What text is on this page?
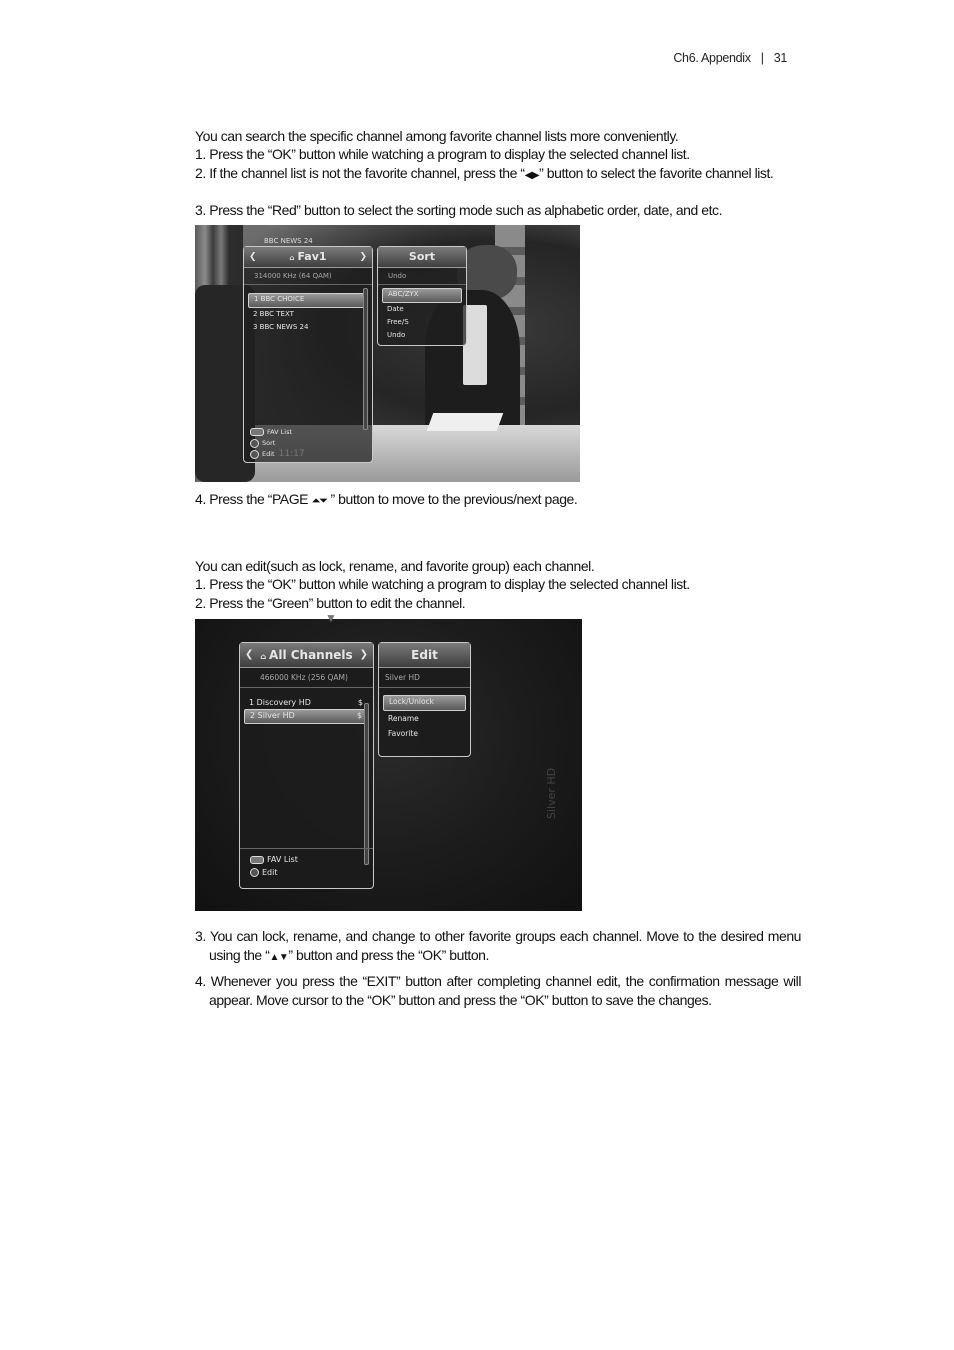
Ch6. Appendix | 31

You can search the specific channel among favorite channel lists more conveniently.

1. Press the “OK” button while watching a program to display the selected channel list.

2. If the channel list is not the favorite channel, press the “◀▶” button to select the favorite channel list.

3. Press the “Red” button to select the sorting mode such as alphabetic order, date, and etc.

BBC NEWS 24
❮	⌂ Fav1	❯
314000 KHz (64 QAM)
1 BBC CHOICE
2 BBC TEXT
3 BBC NEWS 24
FAV List
Sort
Edit 11:17
Sort
Undo
ABC/ZYX
Date
Free/S
Undo

4. Press the “PAGE ⏶⏷ ” button to move to the previous/next page.

You can edit(such as lock, rename, and favorite group) each channel.

1. Press the “OK” button while watching a program to display the selected channel list.

2. Press the “Green” button to edit the channel.

▼
Silver HD
❮ ⌂ All Channels ❯
466000 KHz (256 QAM)
1 Discovery HD	$
2 Silver HD	$
FAV List
Edit
Edit
Silver HD
Lock/Unlock
Rename
Favorite

3. You can lock, rename, and change to other favorite groups each channel. Move to the desired menu using the “▲▼” button and press the “OK” button.

4. Whenever you press the “EXIT” button after completing channel edit, the confirmation message will appear. Move cursor to the “OK” button and press the “OK” button to save the changes.
